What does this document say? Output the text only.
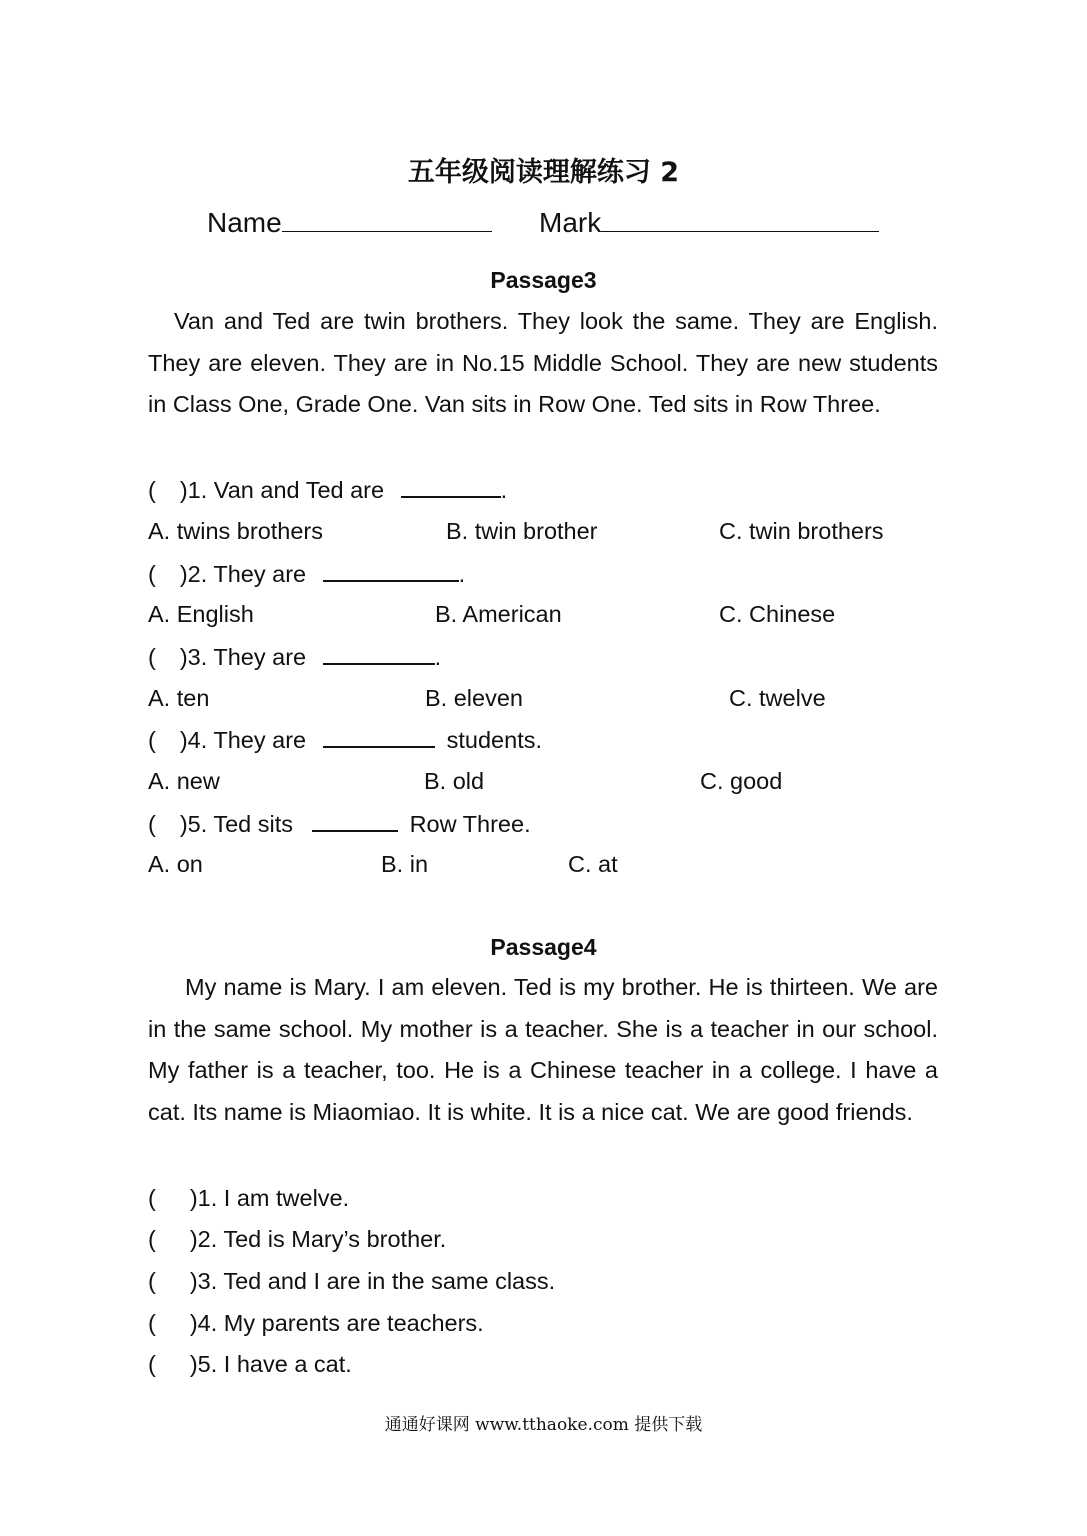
五年级阅读理解练习 2
Name	Mark
Passage3
Van and Ted are twin brothers. They look the same. They are English. They are eleven. They are in No.15 Middle School. They are new students in Class One, Grade One. Van sits in Row One. Ted sits in Row Three.
( )1. Van and Ted are	.
A. twins brothers	B. twin brother	C. twin brothers
( )2. They are	.
A. English	B. American	C. Chinese
( )3. They are	.
A. ten	B. eleven	C. twelve
( )4. They are	students.
A. new	B. old	C. good
( )5. Ted sits	Row Three.
A. on	B. in	C. at
Passage4
My name is Mary. I am eleven. Ted is my brother. He is thirteen. We are in the same school. My mother is a teacher. She is a teacher in our school. My father is a teacher, too. He is a Chinese teacher in a college. I have a cat. Its name is Miaomiao. It is white. It is a nice cat. We are good friends.
( )1. I am twelve.
( )2. Ted is Mary’s brother.
( )3. Ted and I are in the same class.
( )4. My parents are teachers.
( )5. I have a cat.
通通好课网 www.tthaoke.com 提供下载
